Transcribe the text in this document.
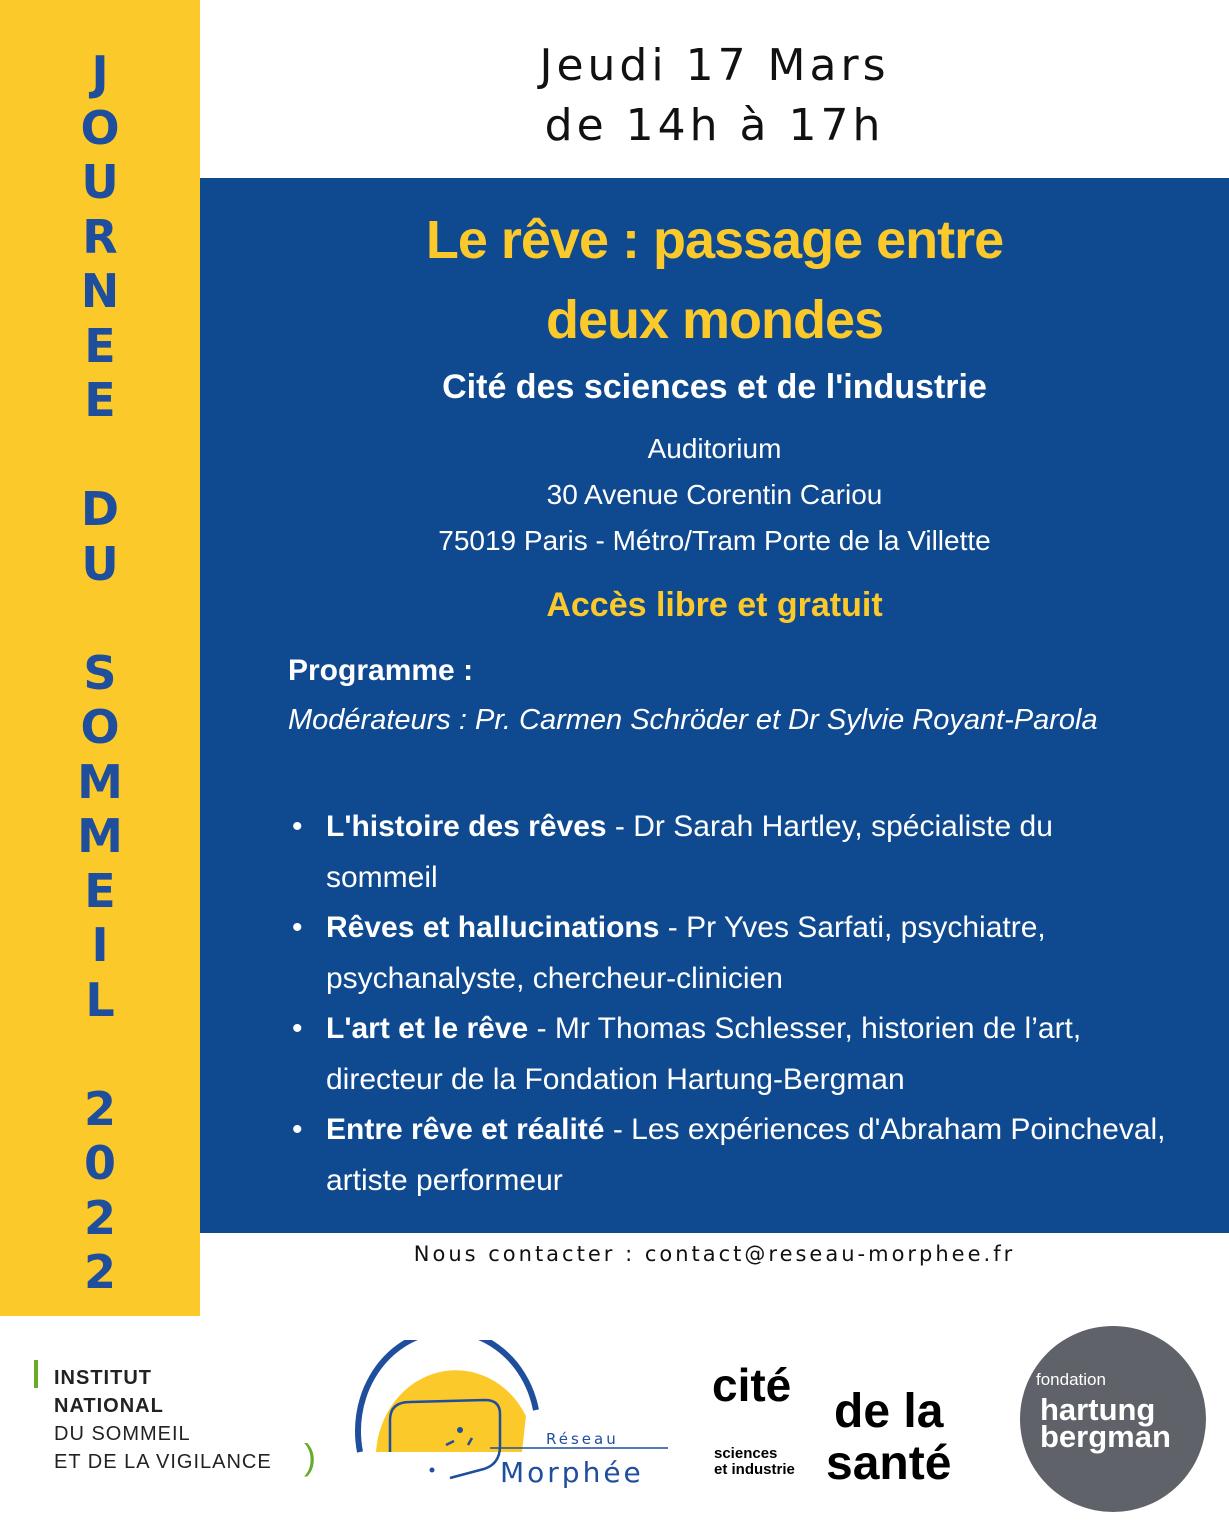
J
O
U
R
N
E
E
D
U
S
O
M
M
E
I
L
2
0
2
2
Jeudi 17 Mars
de 14h à 17h
Le rêve : passage entre
deux mondes
Cité des sciences et de l'industrie
Auditorium
30 Avenue Corentin Cariou
75019 Paris - Métro/Tram Porte de la Villette
Accès libre et gratuit
Programme :
Modérateurs : Pr. Carmen Schröder et Dr Sylvie Royant-Parola
• L'histoire des rêves - Dr Sarah Hartley, spécialiste du sommeil
• Rêves et hallucinations - Pr Yves Sarfati, psychiatre, psychanalyste, chercheur-clinicien
• L'art et le rêve - Mr Thomas Schlesser, historien de l’art, directeur de la Fondation Hartung-Bergman
• Entre rêve et réalité - Les expériences d'Abraham Poincheval, artiste performeur
Nous contacter : contact@reseau-morphee.fr
INSTITUT
NATIONAL
DU SOMMEIL
ET DE LA VIGILANCE )	Réseau
Morphée
cité
sciences
et industrie
de la
santé
fondation
hartung
bergman
